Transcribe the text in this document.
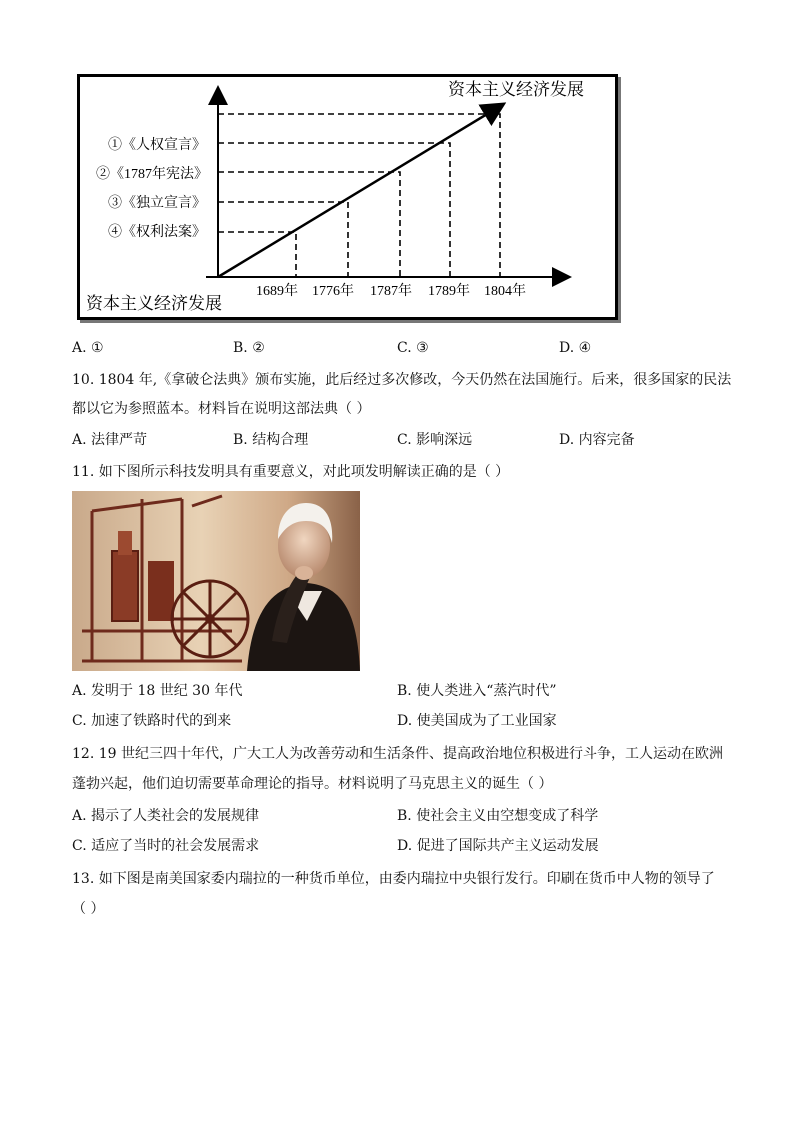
资本主义经济发展
资本主义经济发展
①《人权宣言》
②《1787年宪法》
③《独立宣言》
④《权利法案》
1689年 1776年 1787年 1789年 1804年
A. ①	B. ②	C. ③	D. ④
10. 1804 年,《拿破仑法典》颁布实施，此后经过多次修改，今天仍然在法国施行。后来，很多国家的民法
都以它为参照蓝本。材料旨在说明这部法典（ ）
A. 法律严苛	B. 结构合理	C. 影响深远	D. 内容完备
11. 如下图所示科技发明具有重要意义，对此项发明解读正确的是（ ）
A. 发明于 18 世纪 30 年代	B. 使人类进入“蒸汽时代”
C. 加速了铁路时代的到来	D. 使美国成为了工业国家
12. 19 世纪三四十年代，广大工人为改善劳动和生活条件、提高政治地位积极进行斗争，工人运动在欧洲
蓬勃兴起，他们迫切需要革命理论的指导。材料说明了马克思主义的诞生（ ）
A. 揭示了人类社会的发展规律	B. 使社会主义由空想变成了科学
C. 适应了当时的社会发展需求	D. 促进了国际共产主义运动发展
13. 如下图是南美国家委内瑞拉的一种货币单位，由委内瑞拉中央银行发行。印刷在货币中人物的领导了
（ ）
